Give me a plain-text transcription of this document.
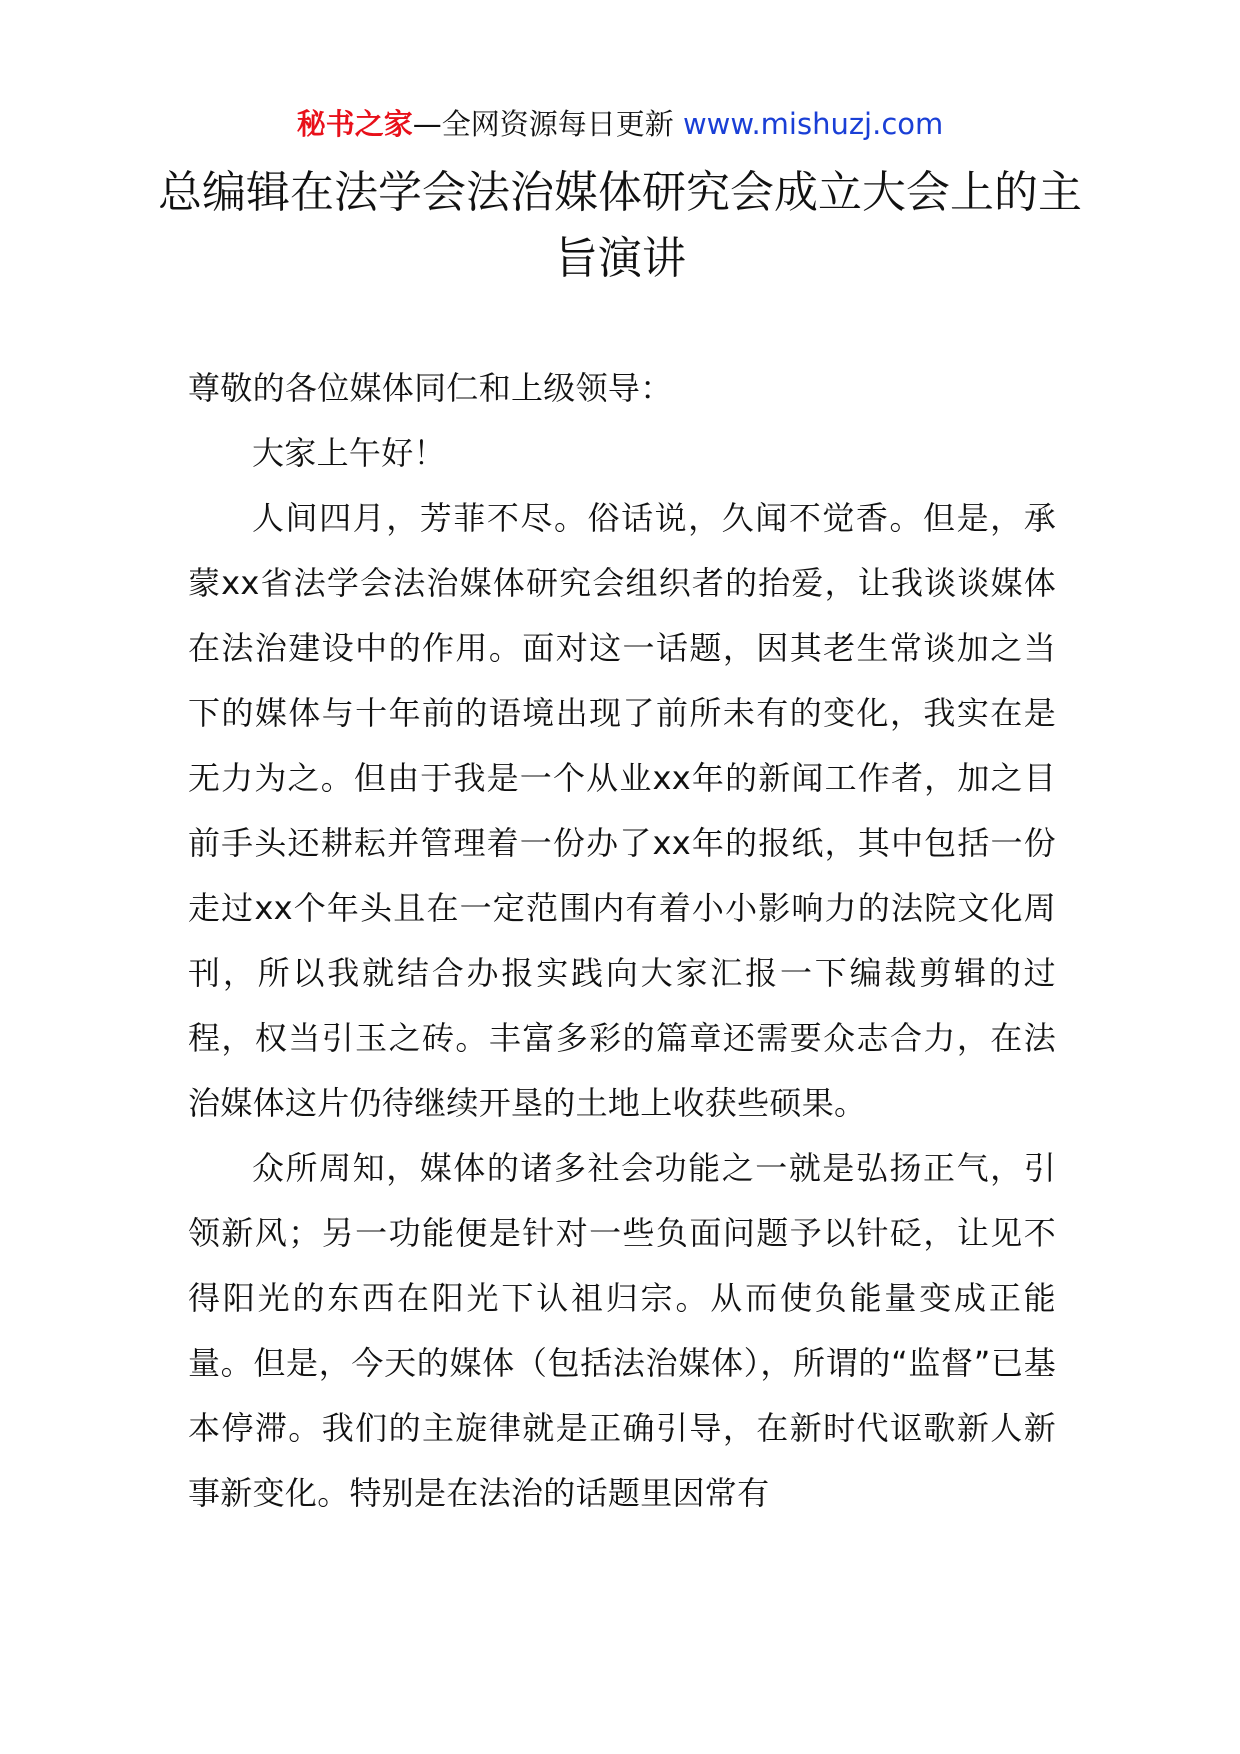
秘书之家—全网资源每日更新 www.mishuzj.com
总编辑在法学会法治媒体研究会成立大会上的主旨演讲

尊敬的各位媒体同仁和上级领导：

大家上午好！

人间四月，芳菲不尽。俗话说，久闻不觉香。但是，承蒙xx省法学会法治媒体研究会组织者的抬爱，让我谈谈媒体在法治建设中的作用。面对这一话题，因其老生常谈加之当下的媒体与十年前的语境出现了前所未有的变化，我实在是无力为之。但由于我是一个从业xx年的新闻工作者，加之目前手头还耕耘并管理着一份办了xx年的报纸，其中包括一份走过xx个年头且在一定范围内有着小小影响力的法院文化周刊，所以我就结合办报实践向大家汇报一下编裁剪辑的过程，权当引玉之砖。丰富多彩的篇章还需要众志合力，在法治媒体这片仍待继续开垦的土地上收获些硕果。

众所周知，媒体的诸多社会功能之一就是弘扬正气，引领新风；另一功能便是针对一些负面问题予以针砭，让见不得阳光的东西在阳光下认祖归宗。从而使负能量变成正能量。但是，今天的媒体（包括法治媒体），所谓的“监督”已基本停滞。我们的主旋律就是正确引导，在新时代讴歌新人新事新变化。特别是在法治的话题里因常有
